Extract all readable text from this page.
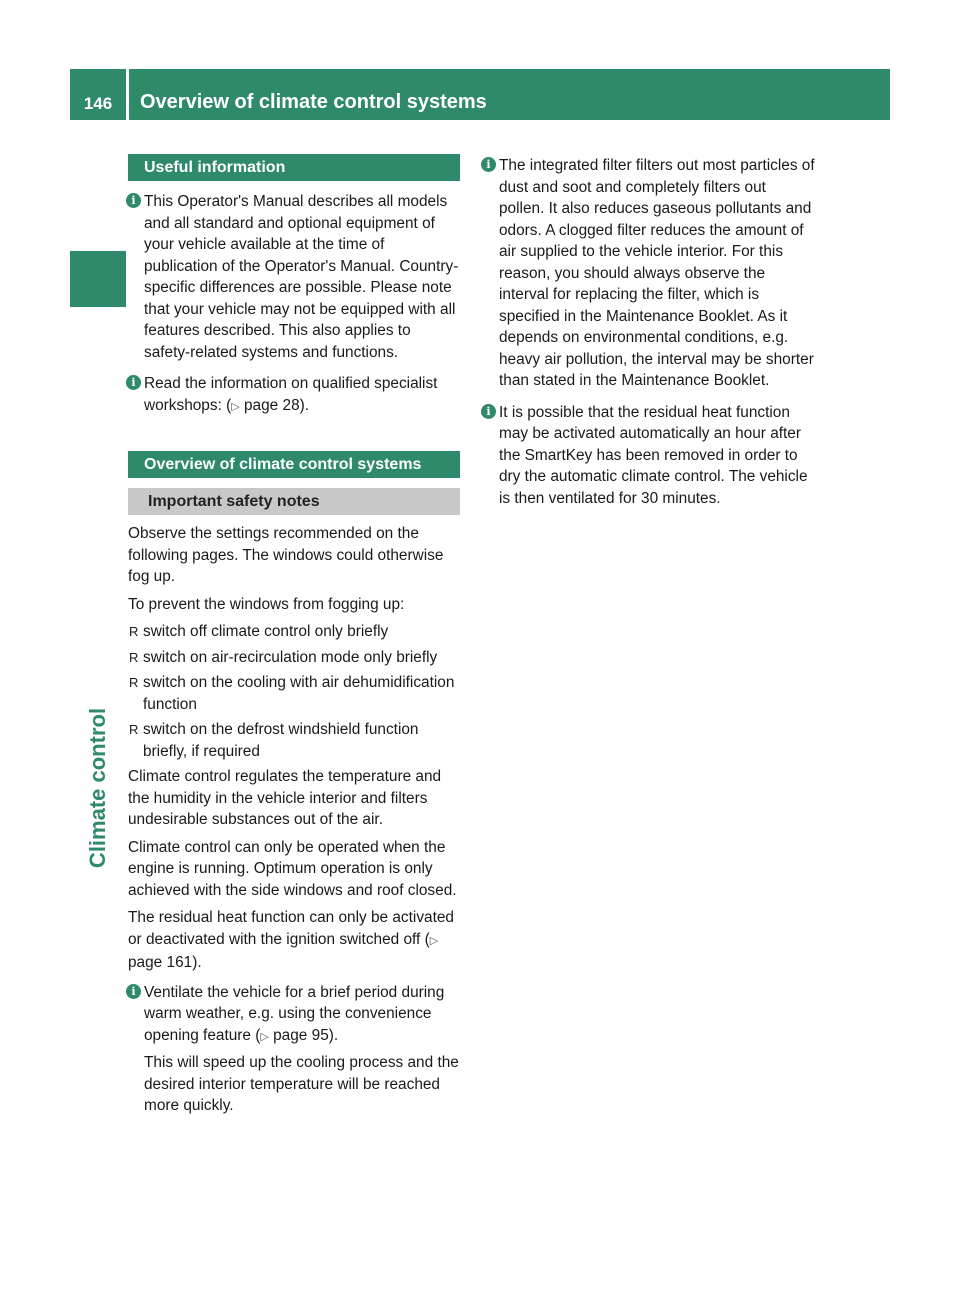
146	Overview of climate control systems
Climate control
Useful information
i This Operator's Manual describes all models and all standard and optional equipment of your vehicle available at the time of publication of the Operator's Manual. Country-specific differences are possible. Please note that your vehicle may not be equipped with all features described. This also applies to safety-related systems and functions.
i Read the information on qualified specialist workshops: (▷ page 28).
Overview of climate control systems
Important safety notes

Observe the settings recommended on the following pages. The windows could otherwise fog up.

To prevent the windows from fogging up:

R switch off climate control only briefly
R switch on air-recirculation mode only briefly
R switch on the cooling with air dehumidification function
R switch on the defrost windshield function briefly, if required

Climate control regulates the temperature and the humidity in the vehicle interior and filters undesirable substances out of the air.

Climate control can only be operated when the engine is running. Optimum operation is only achieved with the side windows and roof closed.

The residual heat function can only be activated or deactivated with the ignition switched off (▷ page 161).

i Ventilate the vehicle for a brief period during warm weather, e.g. using the convenience opening feature (▷ page 95).
This will speed up the cooling process and the desired interior temperature will be reached more quickly.
i The integrated filter filters out most particles of dust and soot and completely filters out pollen. It also reduces gaseous pollutants and odors. A clogged filter reduces the amount of air supplied to the vehicle interior. For this reason, you should always observe the interval for replacing the filter, which is specified in the Maintenance Booklet. As it depends on environmental conditions, e.g. heavy air pollution, the interval may be shorter than stated in the Maintenance Booklet.
i It is possible that the residual heat function may be activated automatically an hour after the SmartKey has been removed in order to dry the automatic climate control. The vehicle is then ventilated for 30 minutes.
